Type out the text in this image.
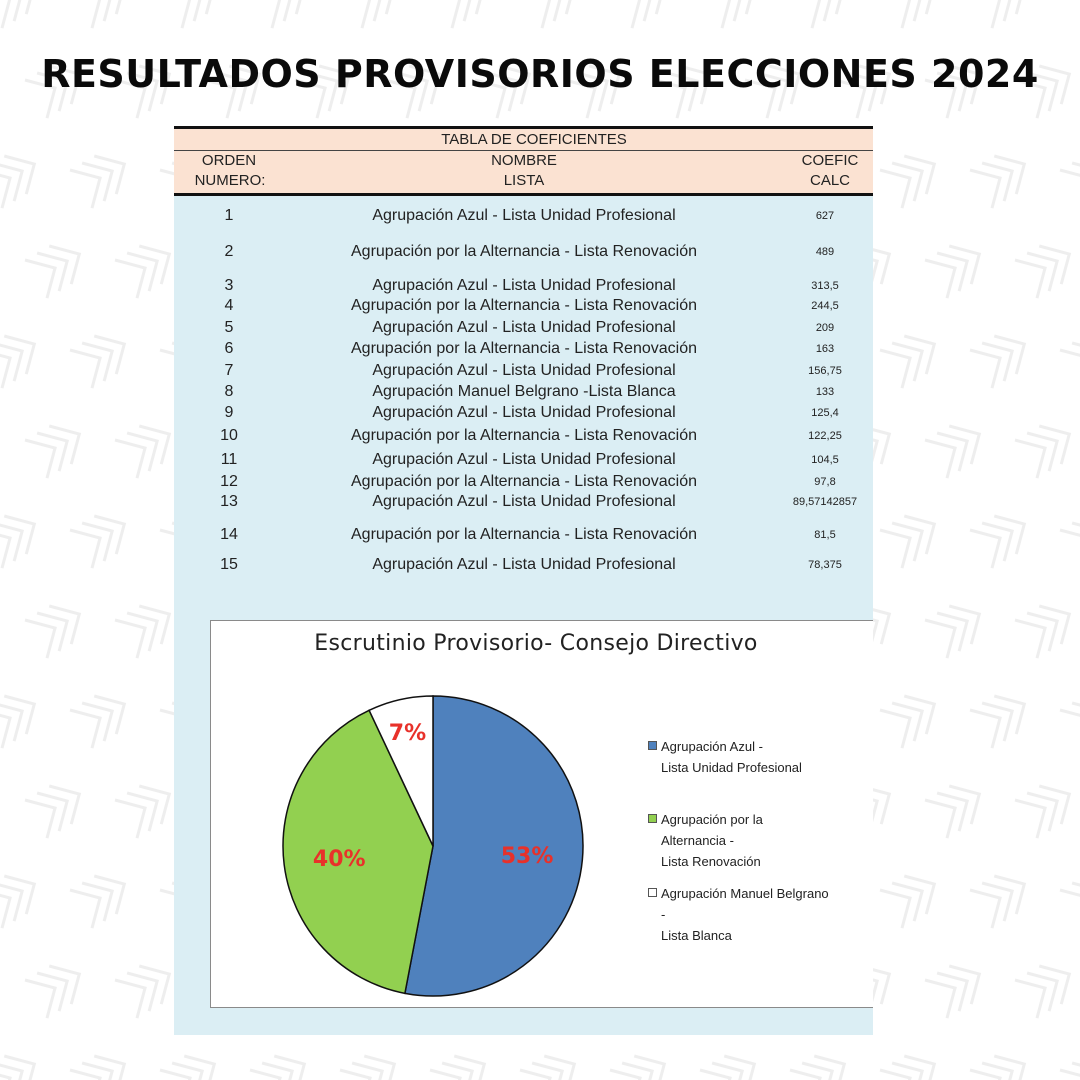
RESULTADOS PROVISORIOS ELECCIONES 2024
TABLA DE COEFICIENTES
ORDEN
NUMERO:
NOMBRE
LISTA
COEFIC
CALC
1	Agrupación Azul - Lista Unidad Profesional	627
2	Agrupación por la Alternancia - Lista Renovación	489
3	Agrupación Azul - Lista Unidad Profesional	313,5
4	Agrupación por la Alternancia - Lista Renovación	244,5
5	Agrupación Azul - Lista Unidad Profesional	209
6	Agrupación por la Alternancia - Lista Renovación	163
7	Agrupación Azul - Lista Unidad Profesional	156,75
8	Agrupación Manuel Belgrano -Lista Blanca	133
9	Agrupación Azul - Lista Unidad Profesional	125,4
10	Agrupación por la Alternancia - Lista Renovación	122,25
11	Agrupación Azul - Lista Unidad Profesional	104,5
12	Agrupación por la Alternancia - Lista Renovación	97,8
13	Agrupación Azul - Lista Unidad Profesional	89,57142857
14	Agrupación por la Alternancia - Lista Renovación	81,5
15	Agrupación Azul - Lista Unidad Profesional	78,375
53%
40%
7%
Escrutinio Provisorio- Consejo Directivo
Agrupación Azul -
Lista Unidad Profesional
Agrupación por la
Alternancia -
Lista Renovación
Agrupación Manuel Belgrano
-
Lista Blanca
